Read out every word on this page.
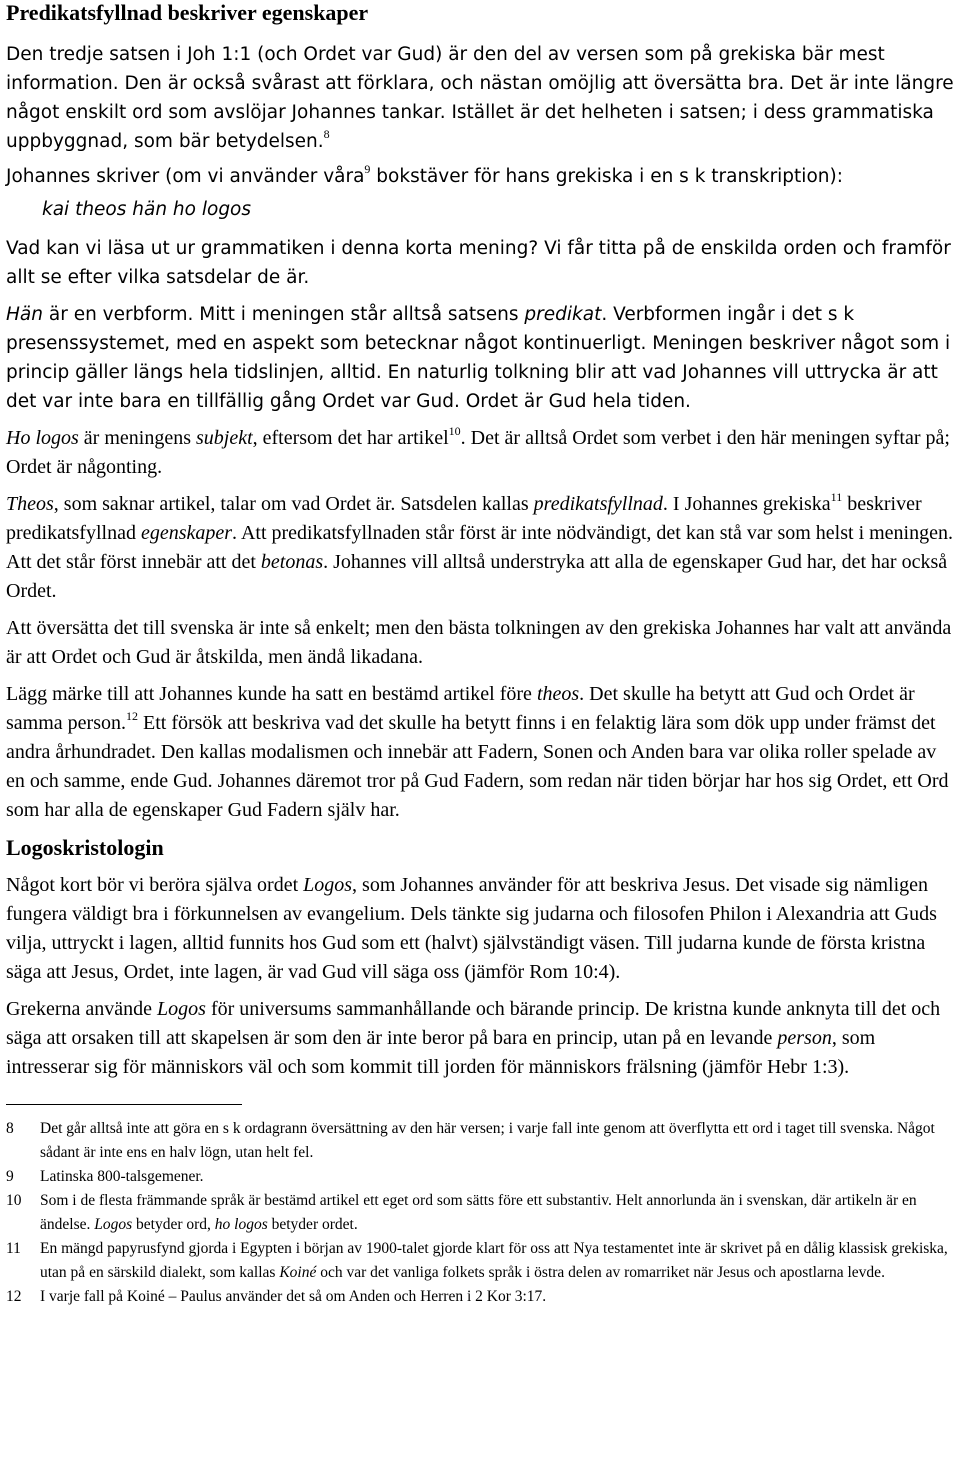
Predikatsfyllnad beskriver egenskaper

Den tredje satsen i Joh 1:1 (och Ordet var Gud) är den del av versen som på grekiska bär mest information. Den är också svårast att förklara, och nästan omöjlig att översätta bra. Det är inte längre något enskilt ord som avslöjar Johannes tankar. Istället är det helheten i satsen; i dess grammatiska uppbyggnad, som bär betydelsen.$^8$

Johannes skriver (om vi använder våra$^9$ bokstäver för hans grekiska i en s k transkription):

kai theos hän ho logos

Vad kan vi läsa ut ur grammatiken i denna korta mening? Vi får titta på de enskilda orden och framför allt se efter vilka satsdelar de är.

Hän är en verbform. Mitt i meningen står alltså satsens predikat. Verbformen ingår i det s k presenssystemet, med en aspekt som betecknar något kontinuerligt. Meningen beskriver något som i princip gäller längs hela tidslinjen, alltid. En naturlig tolkning blir att vad Johannes vill uttrycka är att det var inte bara en tillfällig gång Ordet var Gud. Ordet är Gud hela tiden.

Ho logos är meningens subjekt, eftersom det har artikel$^{10}$. Det är alltså Ordet som verbet i den här meningen syftar på; Ordet är någonting.

Theos, som saknar artikel, talar om vad Ordet är. Satsdelen kallas predikatsfyllnad. I Johannes grekiska$^{11}$ beskriver predikatsfyllnad egenskaper. Att predikatsfyllnaden står först är inte nödvändigt, det kan stå var som helst i meningen. Att det står först innebär att det betonas. Johannes vill alltså understryka att alla de egenskaper Gud har, det har också Ordet.

Att översätta det till svenska är inte så enkelt; men den bästa tolkningen av den grekiska Johannes har valt att använda är att Ordet och Gud är åtskilda, men ändå likadana.

Lägg märke till att Johannes kunde ha satt en bestämd artikel före theos. Det skulle ha betytt att Gud och Ordet är samma person.$^{12}$ Ett försök att beskriva vad det skulle ha betytt finns i en felaktig lära som dök upp under främst det andra århundradet. Den kallas modalismen och innebär att Fadern, Sonen och Anden bara var olika roller spelade av en och samme, ende Gud. Johannes däremot tror på Gud Fadern, som redan när tiden börjar har hos sig Ordet, ett Ord som har alla de egenskaper Gud Fadern själv har.

Logoskristologin

Något kort bör vi beröra själva ordet Logos, som Johannes använder för att beskriva Jesus. Det visade sig nämligen fungera väldigt bra i förkunnelsen av evangelium. Dels tänkte sig judarna och filosofen Philon i Alexandria att Guds vilja, uttryckt i lagen, alltid funnits hos Gud som ett (halvt) självständigt väsen. Till judarna kunde de första kristna säga att Jesus, Ordet, inte lagen, är vad Gud vill säga oss (jämför Rom 10:4).

Grekerna använde Logos för universums sammanhållande och bärande princip. De kristna kunde anknyta till det och säga att orsaken till att skapelsen är som den är inte beror på bara en princip, utan på en levande person, som intresserar sig för människors väl och som kommit till jorden för människors frälsning (jämför Hebr 1:3).

8	Det går alltså inte att göra en s k ordagrann översättning av den här versen; i varje fall inte genom att överflytta ett ord i taget till svenska. Något sådant är inte ens en halv lögn, utan helt fel.
9	Latinska 800-talsgemener.
10	Som i de flesta främmande språk är bestämd artikel ett eget ord som sätts före ett substantiv. Helt annorlunda än i svenskan, där artikeln är en ändelse. Logos betyder ord, ho logos betyder ordet.
11	En mängd papyrusfynd gjorda i Egypten i början av 1900-talet gjorde klart för oss att Nya testamentet inte är skrivet på en dålig klassisk grekiska, utan på en särskild dialekt, som kallas Koiné och var det vanliga folkets språk i östra delen av romarriket när Jesus och apostlarna levde.
12	I varje fall på Koiné – Paulus använder det så om Anden och Herren i 2 Kor 3:17.
